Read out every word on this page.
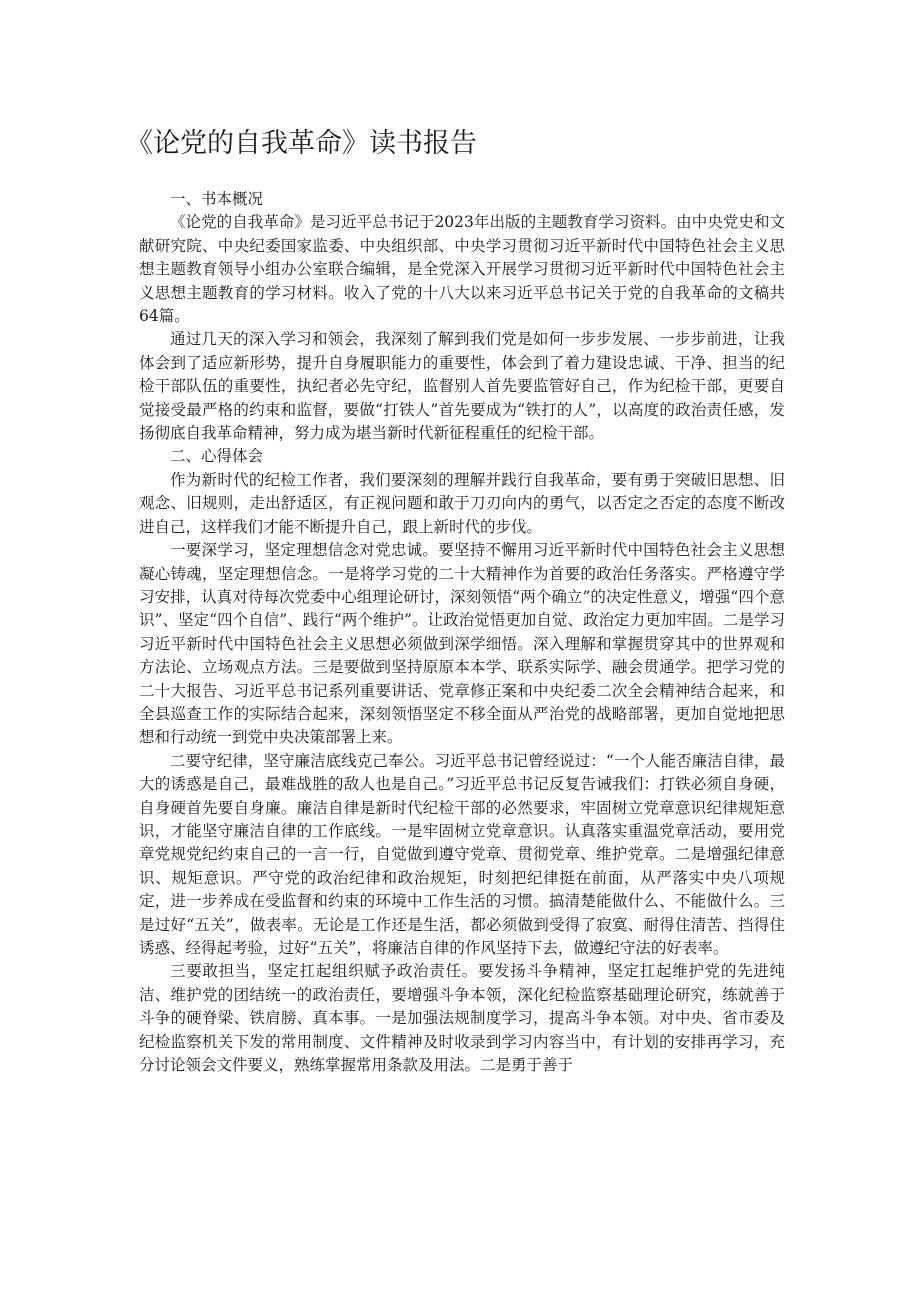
《论党的自我革命》读书报告

一、书本概况

《论党的自我革命》是习近平总书记于2023年出版的主题教育学习资料。由中央党史和文献研究院、中央纪委国家监委、中央组织部、中央学习贯彻习近平新时代中国特色社会主义思想主题教育领导小组办公室联合编辑，是全党深入开展学习贯彻习近平新时代中国特色社会主义思想主题教育的学习材料。收入了党的十八大以来习近平总书记关于党的自我革命的文稿共64篇。

通过几天的深入学习和领会，我深刻了解到我们党是如何一步步发展、一步步前进，让我体会到了适应新形势，提升自身履职能力的重要性，体会到了着力建设忠诚、干净、担当的纪检干部队伍的重要性，执纪者必先守纪，监督别人首先要监管好自己，作为纪检干部，更要自觉接受最严格的约束和监督，要做“打铁人”首先要成为“铁打的人”，以高度的政治责任感，发扬彻底自我革命精神，努力成为堪当新时代新征程重任的纪检干部。

二、心得体会

作为新时代的纪检工作者，我们要深刻的理解并践行自我革命，要有勇于突破旧思想、旧观念、旧规则，走出舒适区，有正视问题和敢于刀刃向内的勇气，以否定之否定的态度不断改进自己，这样我们才能不断提升自己，跟上新时代的步伐。

一要深学习，坚定理想信念对党忠诚。要坚持不懈用习近平新时代中国特色社会主义思想凝心铸魂，坚定理想信念。一是将学习党的二十大精神作为首要的政治任务落实。严格遵守学习安排，认真对待每次党委中心组理论研讨，深刻领悟“两个确立”的决定性意义，增强“四个意识”、坚定“四个自信”、践行“两个维护”。让政治觉悟更加自觉、政治定力更加牢固。二是学习习近平新时代中国特色社会主义思想必须做到深学细悟。深入理解和掌握贯穿其中的世界观和方法论、立场观点方法。三是要做到坚持原原本本学、联系实际学、融会贯通学。把学习党的二十大报告、习近平总书记系列重要讲话、党章修正案和中央纪委二次全会精神结合起来，和全县巡查工作的实际结合起来，深刻领悟坚定不移全面从严治党的战略部署，更加自觉地把思想和行动统一到党中央决策部署上来。

二要守纪律，坚守廉洁底线克己奉公。习近平总书记曾经说过：“一个人能否廉洁自律，最大的诱惑是自己，最难战胜的敌人也是自己。”习近平总书记反复告诫我们：打铁必须自身硬，自身硬首先要自身廉。廉洁自律是新时代纪检干部的必然要求，牢固树立党章意识纪律规矩意识，才能坚守廉洁自律的工作底线。一是牢固树立党章意识。认真落实重温党章活动，要用党章党规党纪约束自己的一言一行，自觉做到遵守党章、贯彻党章、维护党章。二是增强纪律意识、规矩意识。严守党的政治纪律和政治规矩，时刻把纪律挺在前面，从严落实中央八项规定，进一步养成在受监督和约束的环境中工作生活的习惯。搞清楚能做什么、不能做什么。三是过好“五关”，做表率。无论是工作还是生活，都必须做到受得了寂寞、耐得住清苦、挡得住诱惑、经得起考验，过好“五关”，将廉洁自律的作风坚持下去，做遵纪守法的好表率。

三要敢担当，坚定扛起组织赋予政治责任。要发扬斗争精神，坚定扛起维护党的先进纯洁、维护党的团结统一的政治责任，要增强斗争本领，深化纪检监察基础理论研究，练就善于斗争的硬脊梁、铁肩膀、真本事。一是加强法规制度学习，提高斗争本领。对中央、省市委及纪检监察机关下发的常用制度、文件精神及时收录到学习内容当中，有计划的安排再学习，充分讨论领会文件要义，熟练掌握常用条款及用法。二是勇于善于
